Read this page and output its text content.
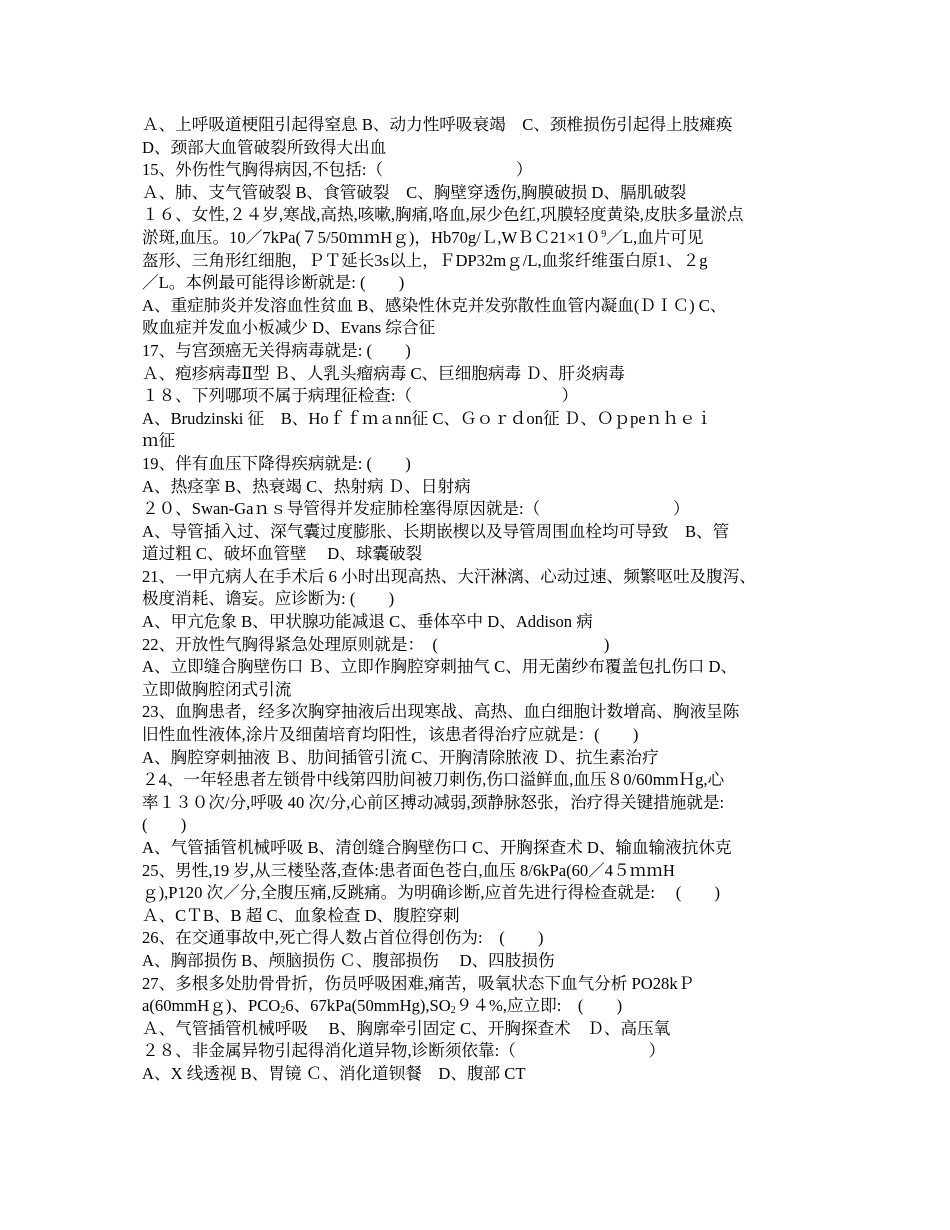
Ａ、上呼吸道梗阻引起得窒息 B、动力性呼吸衰竭　C、颈椎损伤引起得上肢瘫痪
D、颈部大血管破裂所致得大出血
15、外伤性气胸得病因,不包括:（　　　　　　　　）
Ａ、肺、支气管破裂 B、食管破裂　C、胸壁穿透伤,胸膜破损 D、膈肌破裂
１６、女性,２４岁,寒战,高热,咳嗽,胸痛,咯血,尿少色红,巩膜轻度黄染,皮肤多量淤点
淤斑,血压。10／7kPa(７5/50ｍｍHｇ)，$Hb70g/L,WBC21\times 10^9/L$,血片可见
盔形、三角形红细胞，ＰＴ延长3s以上，ＦDP32mｇ/L,血浆纤维蛋白原1、２g
／L。本例最可能得诊断就是: (　　)
A、重症肺炎并发溶血性贫血 B、感染性休克并发弥散性血管内凝血(ＤＩＣ) C、
败血症并发血小板减少 D、Evans 综合征
17、与宫颈癌无关得病毒就是: (　　)
Ａ、疱疹病毒Ⅱ型 Ｂ、人乳头瘤病毒 C、巨细胞病毒 Ｄ、肝炎病毒
１８、下列哪项不属于病理征检查:（　　　　　　　　　）
A、Brudzinski 征　B、Hoｆｆｍａnn征 C、Ｇｏｒｄon征 Ｄ、Ｏｐpeｎｈｅｉ
ｍ征
19、伴有血压下降得疾病就是: (　　)
A、热痉挛 B、热衰竭 C、热射病 Ｄ、日射病
２０、Swan-Gaｎｓ导管得并发症肺栓塞得原因就是:（　　　　　　　　）
A、导管插入过、深气囊过度膨胀、长期嵌楔以及导管周围血栓均可导致　B、管
道过粗 C、破坏血管壁　 D、球囊破裂
21、一甲亢病人在手术后 6 小时出现高热、大汗淋漓、心动过速、频繁呕吐及腹泻、
极度消耗、谵妄。应诊断为: (　　)
A、甲亢危象 B、甲状腺功能减退 C、垂体卒中 D、Addison 病
22、开放性气胸得紧急处理原则就是：　(　　　　　　　　　　)
A、立即缝合胸壁伤口 Ｂ、立即作胸腔穿刺抽气 C、用无菌纱布覆盖包扎伤口 D、
立即做胸腔闭式引流
23、血胸患者，经多次胸穿抽液后出现寒战、高热、血白细胞计数增高、胸液呈陈
旧性血性液体,涂片及细菌培育均阳性，该患者得治疗应就是：(　　)
A、胸腔穿刺抽液 Ｂ、肋间插管引流 C、开胸清除脓液 Ｄ、抗生素治疗
２4、一年轻患者左锁骨中线第四肋间被刀刺伤,伤口溢鲜血,血压８0/60mmＨg,心
率１３０次/分,呼吸 40 次/分,心前区搏动减弱,颈静脉怒张，治疗得关键措施就是:
(　　)
A、气管插管机械呼吸 B、清创缝合胸壁伤口 C、开胸探查术 D、输血输液抗休克
25、男性,19 岁,从三楼坠落,查体:患者面色苍白,血压 8/6kPa(60／4５ｍｍH
ｇ),P120 次／分,全腹压痛,反跳痛。为明确诊断,应首先进行得检查就是: 　(　　)
Ａ、CＴB、B 超 C、血象检查 D、腹腔穿刺
26、在交通事故中,死亡得人数占首位得创伤为:　(　　)
A、胸部损伤 B、颅脑损伤 Ｃ、腹部损伤　 D、四肢损伤
27、多根多处肋骨骨折，伤员呼吸困难,痛苦，吸氧状态下血气分析 PO28kＰ
a(60mmHｇ)、$PCO_26$、$67kPa(50mmHg),SO_294\%$,应立即:　(　　)
Ａ、气管插管机械呼吸　 B、胸廓牵引固定 C、开胸探查术　Ｄ、高压氧
２８、非金属异物引起得消化道异物,诊断须依靠:（　　　　　　　　）
A、X 线透视 B、胃镜 Ｃ、消化道钡餐　D、腹部 CT
